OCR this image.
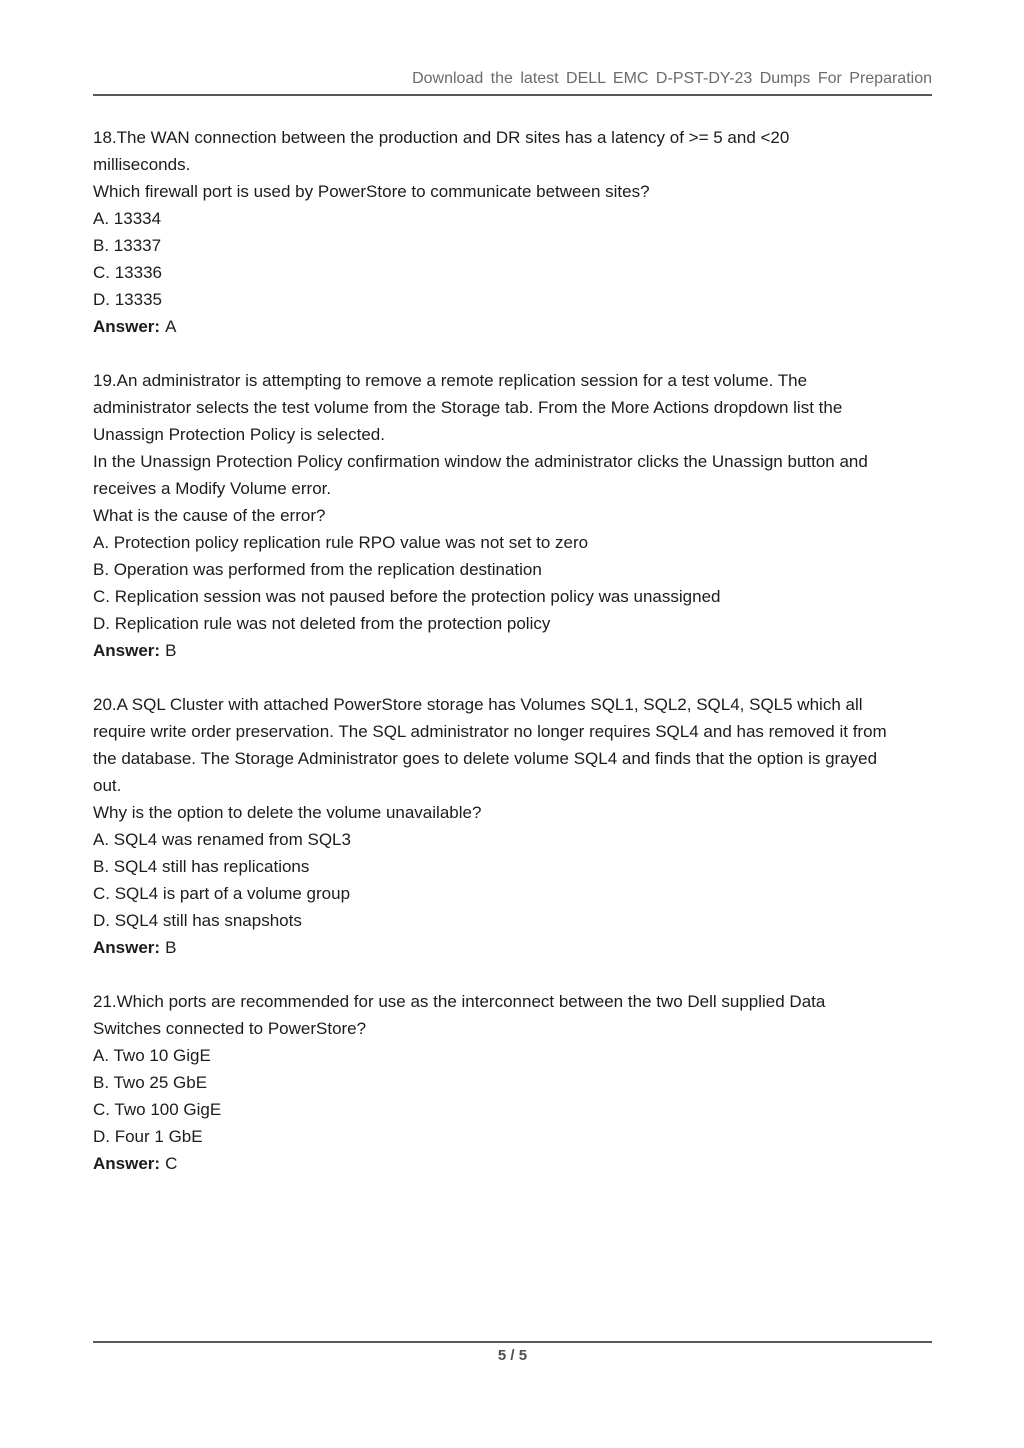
Download the latest DELL EMC D-PST-DY-23 Dumps For Preparation
18.The WAN connection between the production and DR sites has a latency of >= 5 and <20
milliseconds.
Which firewall port is used by PowerStore to communicate between sites?
A. 13334
B. 13337
C. 13336
D. 13335
Answer: A
19.An administrator is attempting to remove a remote replication session for a test volume. The
administrator selects the test volume from the Storage tab. From the More Actions dropdown list the
Unassign Protection Policy is selected.
In the Unassign Protection Policy confirmation window the administrator clicks the Unassign button and
receives a Modify Volume error.
What is the cause of the error?
A. Protection policy replication rule RPO value was not set to zero
B. Operation was performed from the replication destination
C. Replication session was not paused before the protection policy was unassigned
D. Replication rule was not deleted from the protection policy
Answer: B
20.A SQL Cluster with attached PowerStore storage has Volumes SQL1, SQL2, SQL4, SQL5 which all
require write order preservation. The SQL administrator no longer requires SQL4 and has removed it from
the database. The Storage Administrator goes to delete volume SQL4 and finds that the option is grayed
out.
Why is the option to delete the volume unavailable?
A. SQL4 was renamed from SQL3
B. SQL4 still has replications
C. SQL4 is part of a volume group
D. SQL4 still has snapshots
Answer: B
21.Which ports are recommended for use as the interconnect between the two Dell supplied Data
Switches connected to PowerStore?
A. Two 10 GigE
B. Two 25 GbE
C. Two 100 GigE
D. Four 1 GbE
Answer: C
5 / 5
